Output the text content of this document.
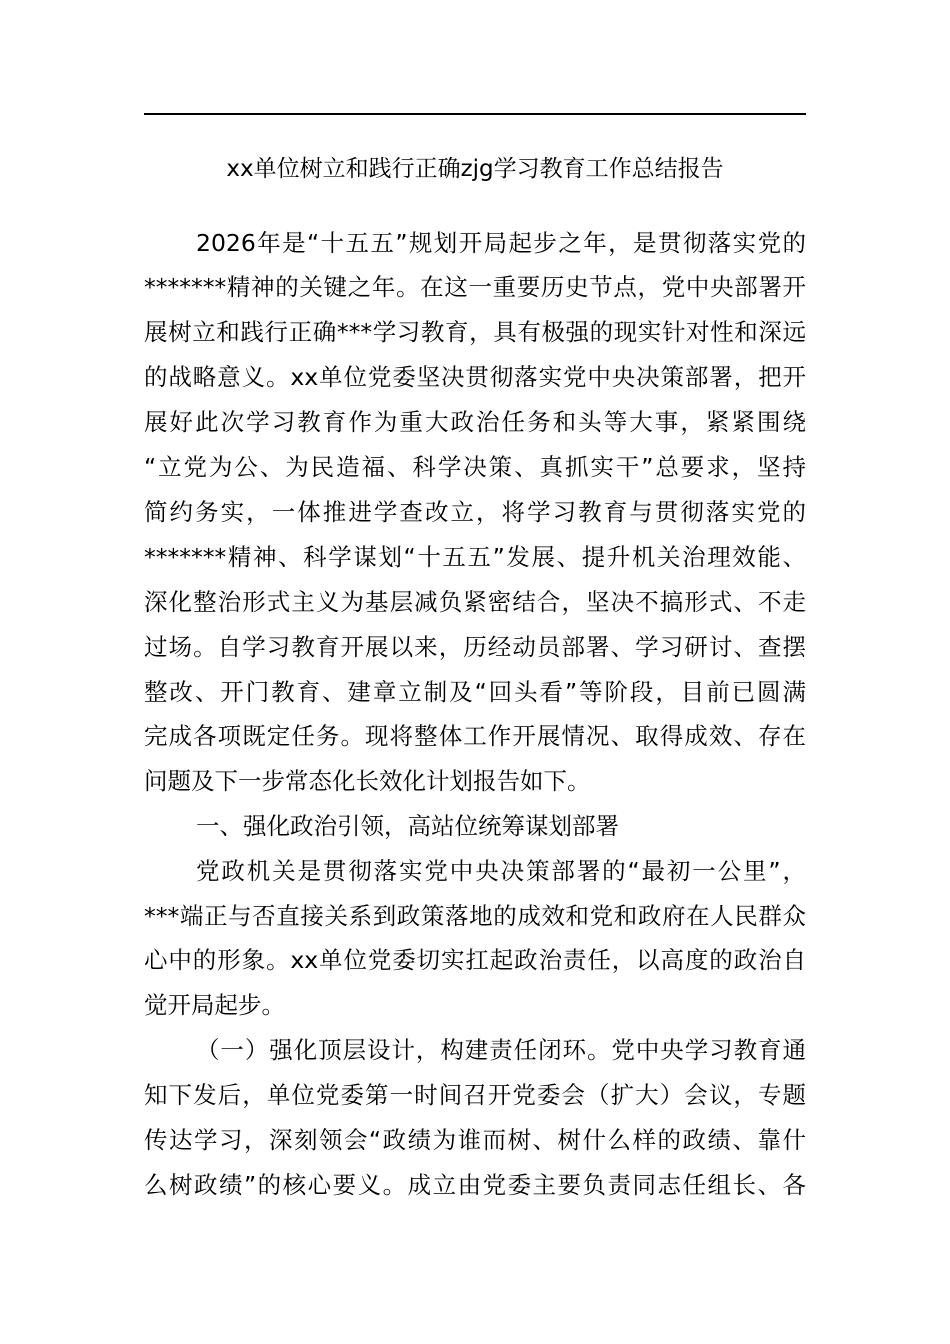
xx单位树立和践行正确zjg学习教育工作总结报告
2026年是“十五五”规划开局起步之年，是贯彻落实党的
*******精神的关键之年。在这一重要历史节点，党中央部署开
展树立和践行正确***学习教育，具有极强的现实针对性和深远
的战略意义。xx单位党委坚决贯彻落实党中央决策部署，把开
展好此次学习教育作为重大政治任务和头等大事，紧紧围绕
“立党为公、为民造福、科学决策、真抓实干”总要求，坚持
简约务实，一体推进学查改立，将学习教育与贯彻落实党的
*******精神、科学谋划“十五五”发展、提升机关治理效能、
深化整治形式主义为基层减负紧密结合，坚决不搞形式、不走
过场。自学习教育开展以来，历经动员部署、学习研讨、查摆
整改、开门教育、建章立制及“回头看”等阶段，目前已圆满
完成各项既定任务。现将整体工作开展情况、取得成效、存在
问题及下一步常态化长效化计划报告如下。
一、强化政治引领，高站位统筹谋划部署
党政机关是贯彻落实党中央决策部署的“最初一公里”，
***端正与否直接关系到政策落地的成效和党和政府在人民群众
心中的形象。xx单位党委切实扛起政治责任，以高度的政治自
觉开局起步。
（一）强化顶层设计，构建责任闭环。党中央学习教育通
知下发后，单位党委第一时间召开党委会（扩大）会议，专题
传达学习，深刻领会“政绩为谁而树、树什么样的政绩、靠什
么树政绩”的核心要义。成立由党委主要负责同志任组长、各
